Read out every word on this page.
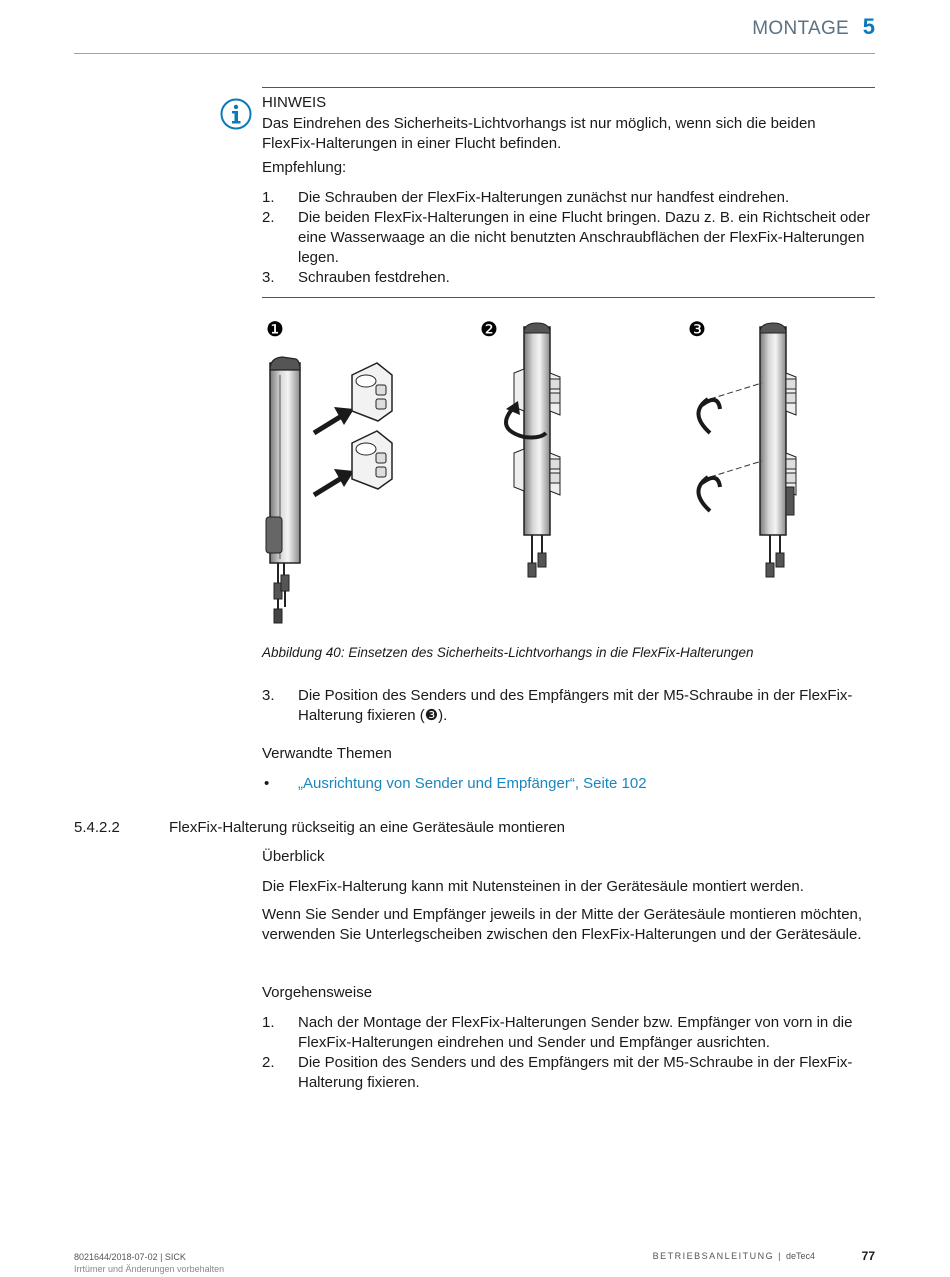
MONTAGE 5
HINWEIS
Das Eindrehen des Sicherheits-Lichtvorhangs ist nur möglich, wenn sich die beiden FlexFix-Halterungen in einer Flucht befinden.
Empfehlung:
1. Die Schrauben der FlexFix-Halterungen zunächst nur handfest eindrehen.
2. Die beiden FlexFix-Halterungen in eine Flucht bringen. Dazu z. B. ein Richtscheit oder eine Wasserwaage an die nicht benutzten Anschraubflächen der FlexFix-Halterungen legen.
3. Schrauben festdrehen.
❶	❷	❸
Abbildung 40: Einsetzen des Sicherheits-Lichtvorhangs in die FlexFix-Halterungen
3. Die Position des Senders und des Empfängers mit der M5-Schraube in der FlexFix-Halterung fixieren (❸).
Verwandte Themen
• „Ausrichtung von Sender und Empfänger“, Seite 102
5.4.2.2	FlexFix-Halterung rückseitig an eine Gerätesäule montieren
Überblick
Die FlexFix-Halterung kann mit Nutensteinen in der Gerätesäule montiert werden.
Wenn Sie Sender und Empfänger jeweils in der Mitte der Gerätesäule montieren möchten, verwenden Sie Unterlegscheiben zwischen den FlexFix-Halterungen und der Gerätesäule.
Vorgehensweise
1. Nach der Montage der FlexFix-Halterungen Sender bzw. Empfänger von vorn in die FlexFix-Halterungen eindrehen und Sender und Empfänger ausrichten.
2. Die Position des Senders und des Empfängers mit der M5-Schraube in der FlexFix-Halterung fixieren.
8021644/2018-07-02 | SICK
Irrtümer und Änderungen vorbehalten
BETRIEBSANLEITUNG | deTec4	77
